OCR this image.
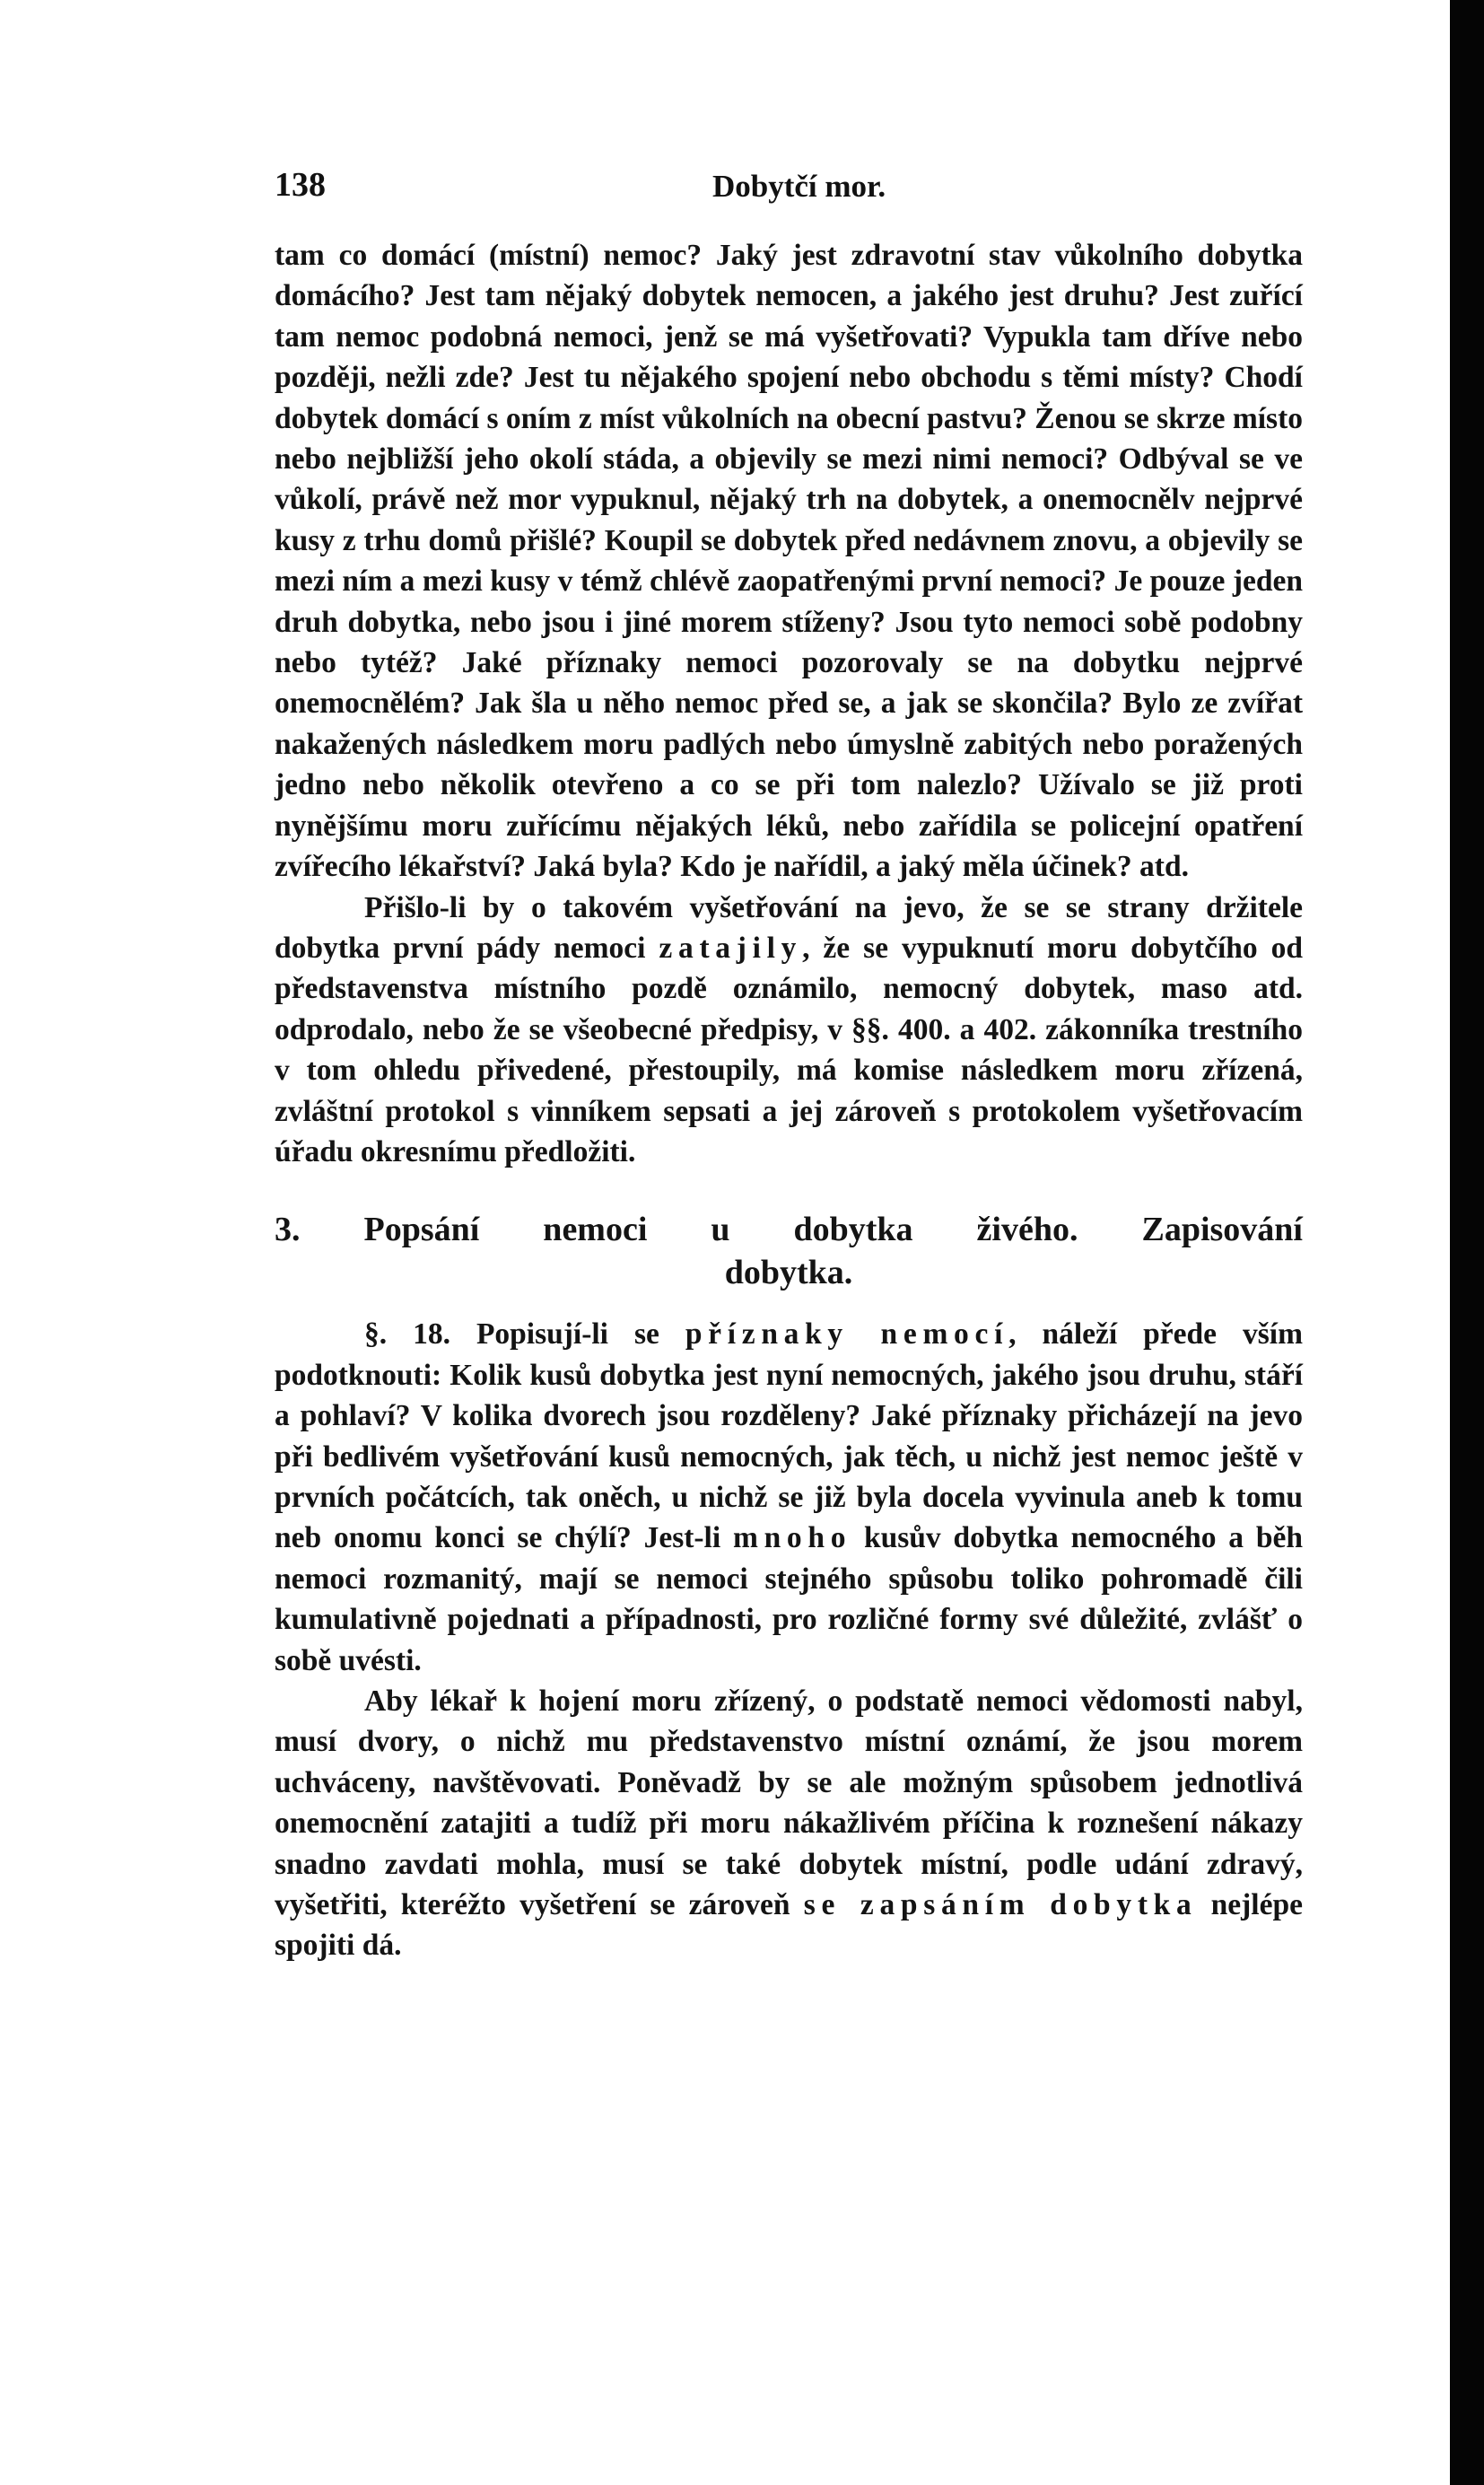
138	Dobytčí mor.

tam co domácí (místní) nemoc? Jaký jest zdravotní stav vůkolního dobytka domácího? Jest tam nějaký dobytek nemocen, a jakého jest druhu? Jest zuřící tam nemoc podobná nemoci, jenž se má vyšetřovati? Vypukla tam dříve nebo později, nežli zde? Jest tu nějakého spojení nebo obchodu s těmi místy? Chodí dobytek domácí s oním z míst vůkolních na obecní pastvu? Ženou se skrze místo nebo nejbližší jeho okolí stáda, a objevily se mezi nimi nemoci? Odbýval se ve vůkolí, právě než mor vypuknul, nějaký trh na dobytek, a onemocnělv nejprvé kusy z trhu domů přišlé? Koupil se dobytek před nedávnem znovu, a objevily se mezi ním a mezi kusy v témž chlévě zaopatřenými první nemoci? Je pouze jeden druh dobytka, nebo jsou i jiné morem stíženy? Jsou tyto nemoci sobě podobny nebo tytéž? Jaké příznaky nemoci pozorovaly se na dobytku nejprvé onemocnělém? Jak šla u něho nemoc před se, a jak se skončila? Bylo ze zvířat nakažených následkem moru padlých nebo úmyslně zabitých nebo poražených jedno nebo několik otevřeno a co se při tom nalezlo? Užívalo se již proti nynějšímu moru zuřícímu nějakých léků, nebo zařídila se policejní opatření zvířecího lékařství? Jaká byla? Kdo je nařídil, a jaký měla účinek? atd.

Přišlo-li by o takovém vyšetřování na jevo, že se se strany držitele dobytka první pády nemoci zatajily, že se vypuknutí moru dobytčího od představenstva místního pozdě oznámilo, nemocný dobytek, maso atd. odprodalo, nebo že se všeobecné předpisy, v §§. 400. a 402. zákonníka trestního v tom ohledu přivedené, přestoupily, má komise následkem moru zřízená, zvláštní protokol s vinníkem sepsati a jej zároveň s protokolem vyšetřovacím úřadu okresnímu předložiti.

3. Popsání nemoci u dobytka živého. Zapisování
dobytka.

§. 18. Popisují-li se příznaky nemocí, náleží přede vším podotknouti: Kolik kusů dobytka jest nyní nemocných, jakého jsou druhu, stáří a pohlaví? V kolika dvorech jsou rozděleny? Jaké příznaky přicházejí na jevo při bedlivém vyšetřování kusů nemocných, jak těch, u nichž jest nemoc ještě v prvních počátcích, tak oněch, u nichž se již byla docela vyvinula aneb k tomu neb onomu konci se chýlí? Jest-li mnoho kusův dobytka nemocného a běh nemoci rozmanitý, mají se nemoci stejného spůsobu toliko pohromadě čili kumulativně pojednati a případnosti, pro rozličné formy své důležité, zvlášť o sobě uvésti.

Aby lékař k hojení moru zřízený, o podstatě nemoci vědomosti nabyl, musí dvory, o nichž mu představenstvo místní oznámí, že jsou morem uchváceny, navštěvovati. Poněvadž by se ale možným spůsobem jednotlivá onemocnění zatajiti a tudíž při moru nákažlivém příčina k roznešení nákazy snadno zavdati mohla, musí se také dobytek místní, podle udání zdravý, vyšetřiti, kteréžto vyšetření se zároveň se zapsáním dobytka nejlépe spojiti dá.
